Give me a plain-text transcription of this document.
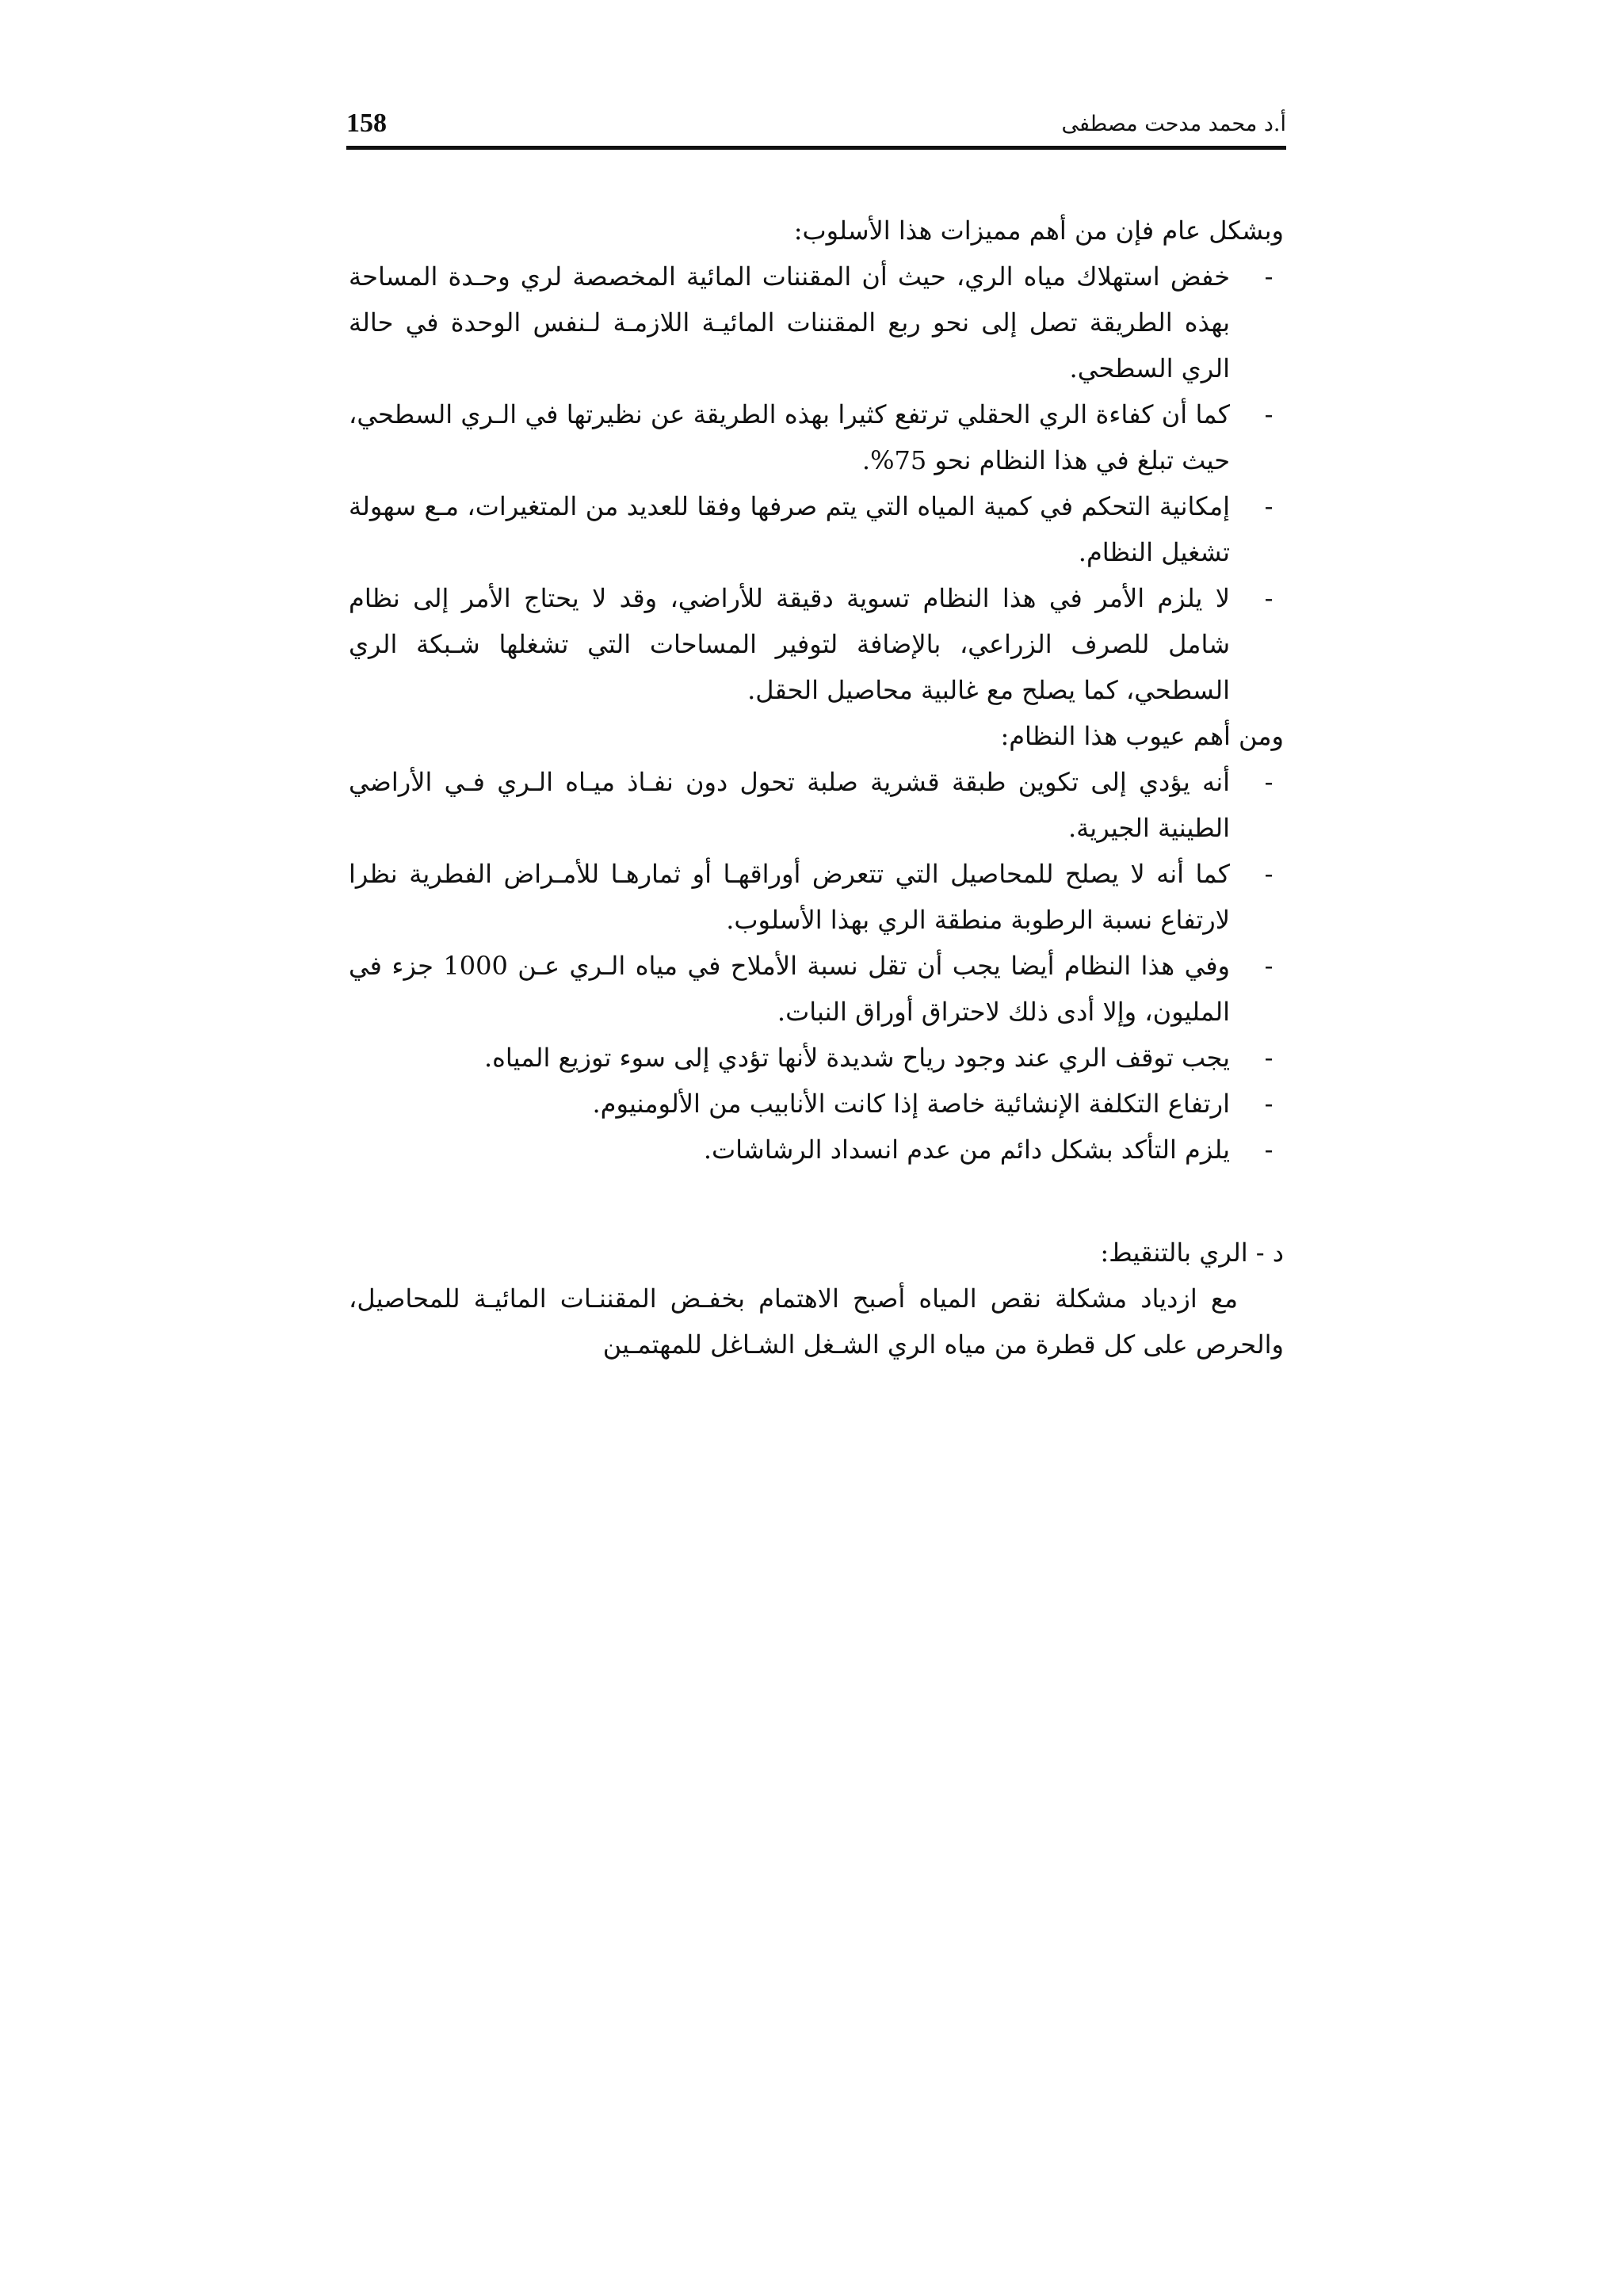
158	أ.د محمد مدحت مصطفى

وبشكل عام فإن من أهم مميزات هذا الأسلوب:

-
خفض استهلاك مياه الري، حيث أن المقننات المائية المخصصة لري وحـدة المساحة بهذه الطريقة تصل إلى نحو ربع المقننات المائيـة اللازمـة لـنفس الوحدة في حالة الري السطحي.
-
كما أن كفاءة الري الحقلي ترتفع كثيرا بهذه الطريقة عن نظيرتها في الـري السطحي، حيث تبلغ في هذا النظام نحو 75%.
-
إمكانية التحكم في كمية المياه التي يتم صرفها وفقا للعديد من المتغيرات، مـع سهولة تشغيل النظام.
-
لا يلزم الأمر في هذا النظام تسوية دقيقة للأراضي، وقد لا يحتاج الأمر إلى نظام شامل للصرف الزراعي، بالإضافة لتوفير المساحات التي تشغلها شـبكة الري السطحي، كما يصلح مع غالبية محاصيل الحقل.

ومن أهم عيوب هذا النظام:

-
أنه يؤدي إلى تكوين طبقة قشرية صلبة تحول دون نفـاذ ميـاه الـري فـي الأراضي الطينية الجيرية.
-
كما أنه لا يصلح للمحاصيل التي تتعرض أوراقهـا أو ثمارهـا للأمـراض الفطرية نظرا لارتفاع نسبة الرطوبة منطقة الري بهذا الأسلوب.
-
وفي هذا النظام أيضا يجب أن تقل نسبة الأملاح في مياه الـري عـن 1000 جزء في المليون، وإلا أدى ذلك لاحتراق أوراق النبات.
-
يجب توقف الري عند وجود رياح شديدة لأنها تؤدي إلى سوء توزيع المياه.
-
ارتفاع التكلفة الإنشائية خاصة إذا كانت الأنابيب من الألومنيوم.
-
يلزم التأكد بشكل دائم من عدم انسداد الرشاشات.
د - الري بالتنقيط:

مع ازدياد مشكلة نقص المياه أصبح الاهتمام بخفـض المقننـات المائيـة للمحاصيل، والحرص على كل قطرة من مياه الري الشـغل الشـاغل للمهتمـين
